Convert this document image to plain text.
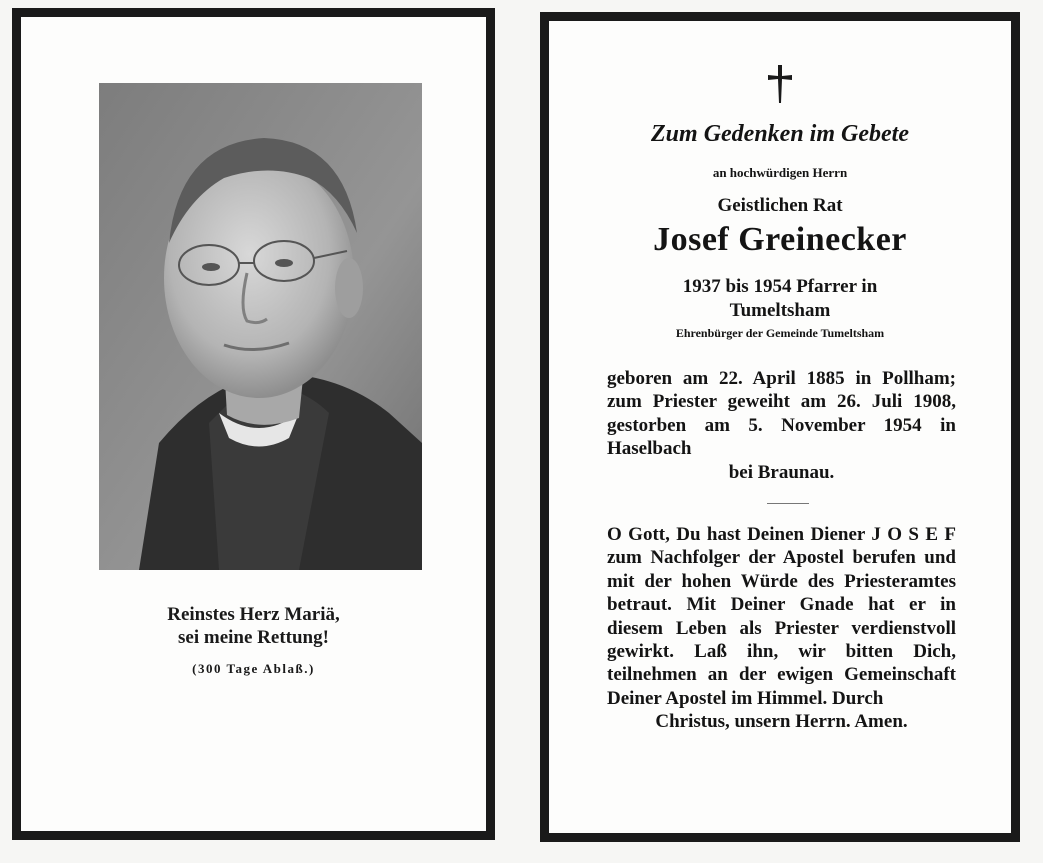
Reinstes Herz Mariä,
sei meine Rettung!
(300 Tage Ablaß.)
Zum Gedenken im Gebete
an hochwürdigen Herrn
Geistlichen Rat
Josef Greinecker
1937 bis 1954 Pfarrer in
Tumeltsham
Ehrenbürger der Gemeinde Tumeltsham
geboren am 22. April 1885 in Pollham; zum Priester geweiht am 26. Juli 1908, gestorben am 5. November 1954 in Haselbach
bei Braunau.
O Gott, Du hast Deinen Diener J O S E F zum Nachfolger der Apostel berufen und mit der hohen Würde des Priesteramtes betraut. Mit Deiner Gnade hat er in diesem Leben als Priester verdienstvoll gewirkt. Laß ihn, wir bitten Dich, teilnehmen an der ewigen Gemeinschaft Deiner Apostel im Himmel. Durch
Christus, unsern Herrn. Amen.
